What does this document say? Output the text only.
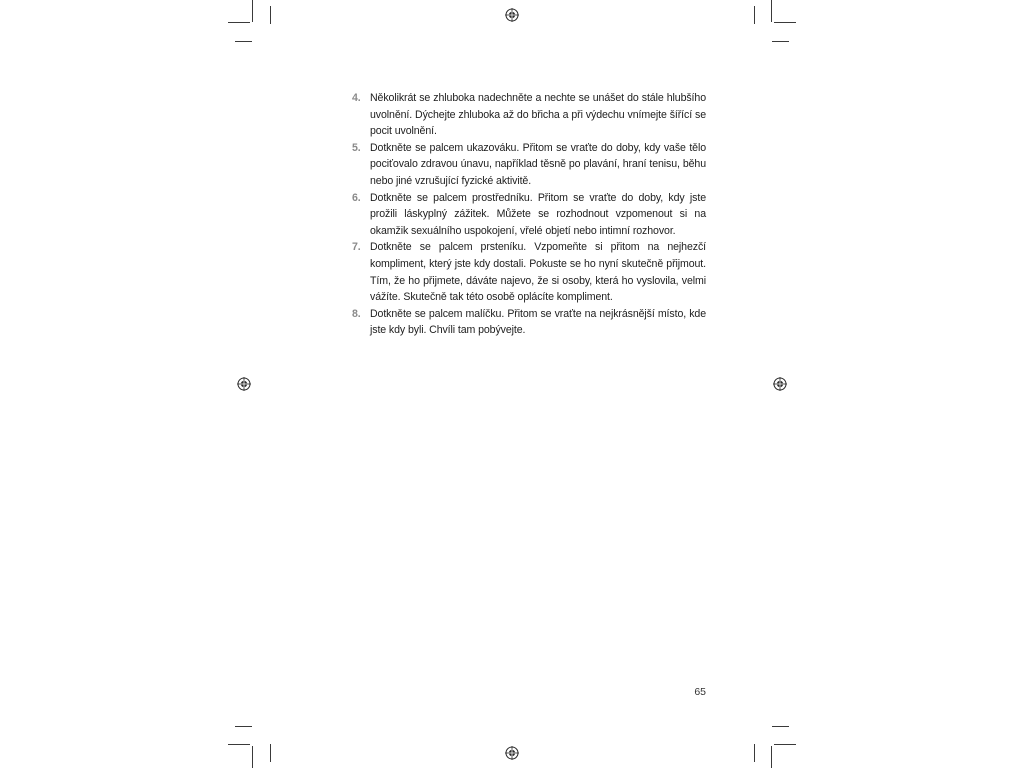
4. Několikrát se zhluboka nadechněte a nechte se unášet do stále hlubšího uvolnění. Dýchejte zhluboka až do břicha a při výdechu vnímejte šířící se pocit uvolnění.
5. Dotkněte se palcem ukazováku. Přitom se vraťte do doby, kdy vaše tělo pociťovalo zdravou únavu, například těsně po plavání, hraní tenisu, běhu nebo jiné vzrušující fyzické aktivitě.
6. Dotkněte se palcem prostředníku. Přitom se vraťte do doby, kdy jste prožili láskyplný zážitek. Můžete se rozhodnout vzpomenout si na okamžik sexuálního uspokojení, vřelé objetí nebo intimní rozhovor.
7. Dotkněte se palcem prsteníku. Vzpomeňte si přitom na nejhezčí kompliment, který jste kdy dostali. Pokuste se ho nyní skutečně přijmout. Tím, že ho přijmete, dáváte najevo, že si osoby, která ho vyslovila, velmi vážíte. Skutečně tak této osobě oplácíte kompliment.
8. Dotkněte se palcem malíčku. Přitom se vraťte na nejkrásnější místo, kde jste kdy byli. Chvíli tam pobývejte.
65
